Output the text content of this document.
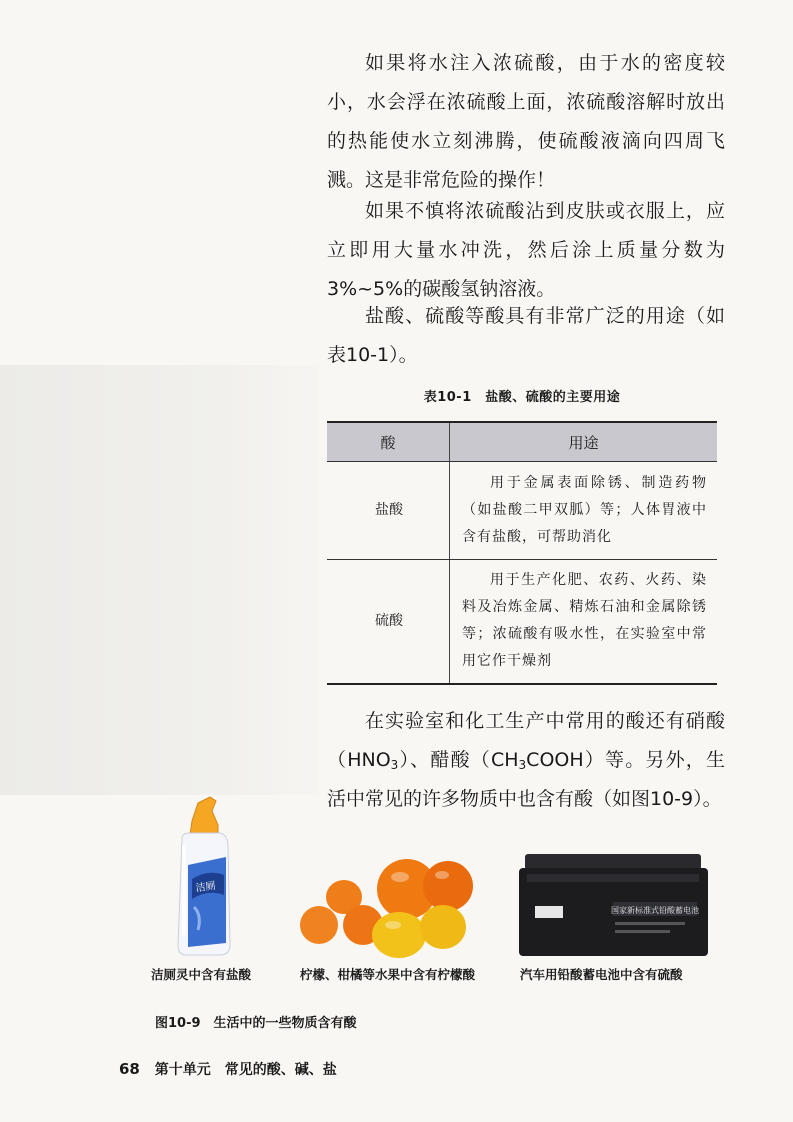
如果将水注入浓硫酸，由于水的密度较小，水会浮在浓硫酸上面，浓硫酸溶解时放出的热能使水立刻沸腾，使硫酸液滴向四周飞溅。这是非常危险的操作！

如果不慎将浓硫酸沾到皮肤或衣服上，应立即用大量水冲洗，然后涂上质量分数为3%~5%的碳酸氢钠溶液。

盐酸、硫酸等酸具有非常广泛的用途（如表10-1）。

表10-1　盐酸、硫酸的主要用途
酸	用途
盐酸	用于金属表面除锈、制造药物（如盐酸二甲双胍）等；人体胃液中含有盐酸，可帮助消化
硫酸	用于生产化肥、农药、火药、染料及冶炼金属、精炼石油和金属除锈等；浓硫酸有吸水性，在实验室中常用它作干燥剂

在实验室和化工生产中常用的酸还有硝酸$(HNO_3)$、醋酸$(CH_3COOH)$等。另外，生活中常见的许多物质中也含有酸（如图10-9）。

洁厕
国家新标准式铅酸蓄电池
洁厕灵中含有盐酸	柠檬、柑橘等水果中含有柠檬酸	汽车用铅酸蓄电池中含有硫酸
图10-9　生活中的一些物质含有酸
68 第十单元　常见的酸、碱、盐
